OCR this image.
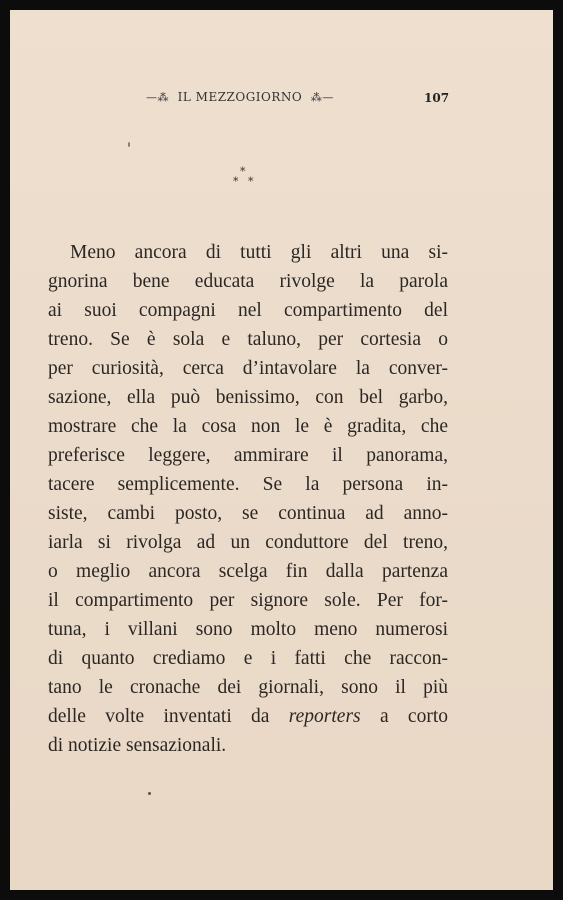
—⁂ IL MEZZOGIORNO ⁂—	107
*
* *
Meno ancora di tutti gli altri una si-
gnorina bene educata rivolge la parola
ai suoi compagni nel compartimento del
treno. Se è sola e taluno, per cortesia o
per curiosità, cerca d’intavolare la conver-
sazione, ella può benissimo, con bel garbo,
mostrare che la cosa non le è gradita, che
preferisce leggere, ammirare il panorama,
tacere semplicemente. Se la persona in-
siste, cambi posto, se continua ad anno-
iarla si rivolga ad un conduttore del treno,
o meglio ancora scelga fin dalla partenza
il compartimento per signore sole. Per for-
tuna, i villani sono molto meno numerosi
di quanto crediamo e i fatti che raccon-
tano le cronache dei giornali, sono il più
delle volte inventati da reporters a corto
di notizie sensazionali.
